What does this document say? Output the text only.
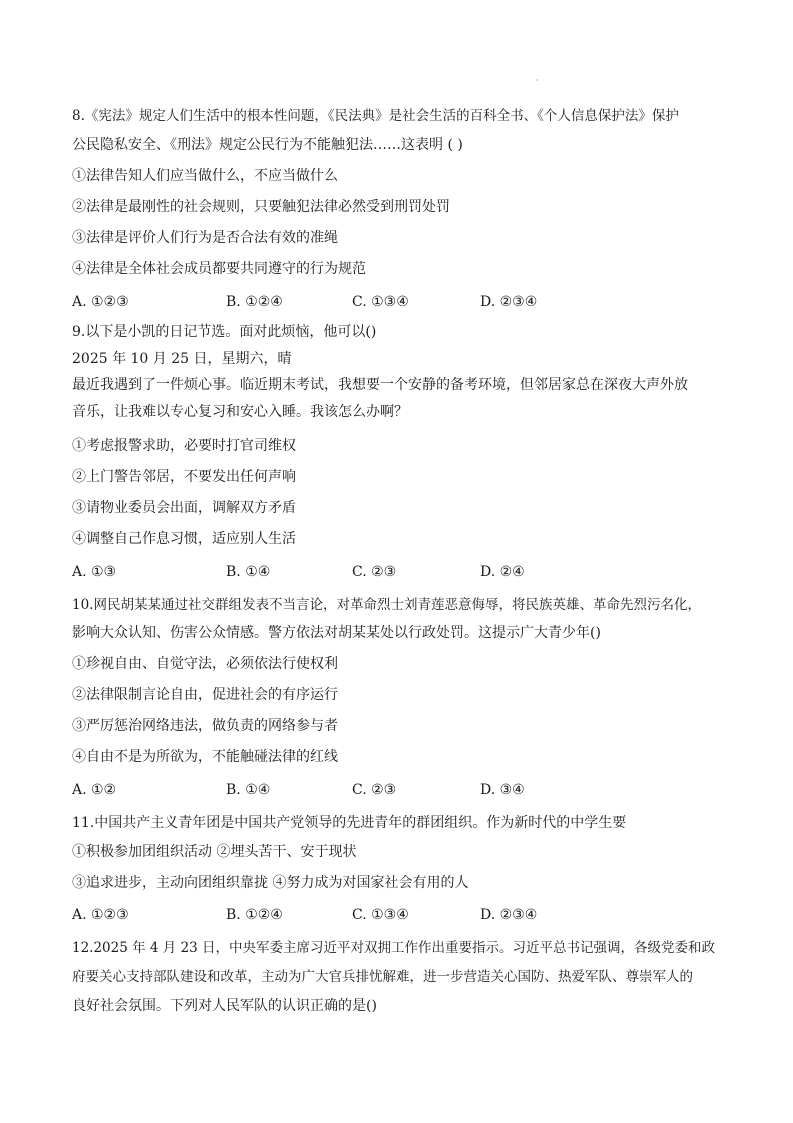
8.《宪法》规定人们生活中的根本性问题，《民法典》是社会生活的百科全书、《个人信息保护法》保护
公民隐私安全、《刑法》规定公民行为不能触犯法……这表明 ( )
①法律告知人们应当做什么，不应当做什么
②法律是最刚性的社会规则，只要触犯法律必然受到刑罚处罚
③法律是评价人们行为是否合法有效的准绳
④法律是全体社会成员都要共同遵守的行为规范
A. ①②③	B. ①②④	C. ①③④	D. ②③④
9.以下是小凯的日记节选。面对此烦恼，他可以()
2025 年 10 月 25 日，星期六，晴
最近我遇到了一件烦心事。临近期末考试，我想要一个安静的备考环境，但邻居家总在深夜大声外放
音乐，让我难以专心复习和安心入睡。我该怎么办啊？
①考虑报警求助，必要时打官司维权
②上门警告邻居，不要发出任何声响
③请物业委员会出面，调解双方矛盾
④调整自己作息习惯，适应别人生活
A. ①③	B. ①④	C. ②③	D. ②④
10.网民胡某某通过社交群组发表不当言论，对革命烈士刘青莲恶意侮辱，将民族英雄、革命先烈污名化，
影响大众认知、伤害公众情感。警方依法对胡某某处以行政处罚。这提示广大青少年()
①珍视自由、自觉守法，必须依法行使权利
②法律限制言论自由，促进社会的有序运行
③严厉惩治网络违法，做负责的网络参与者
④自由不是为所欲为，不能触碰法律的红线
A. ①②	B. ①④	C. ②③	D. ③④
11.中国共产主义青年团是中国共产党领导的先进青年的群团组织。作为新时代的中学生要
①积极参加团组织活动 ②埋头苦干、安于现状
③追求进步，主动向团组织靠拢 ④努力成为对国家社会有用的人
A. ①②③	B. ①②④	C. ①③④	D. ②③④
12.2025 年 4 月 23 日，中央军委主席习近平对双拥工作作出重要指示。习近平总书记强调，各级党委和政
府要关心支持部队建设和改革，主动为广大官兵排忧解难，进一步营造关心国防、热爱军队、尊崇军人的
良好社会氛围。下列对人民军队的认识正确的是()
